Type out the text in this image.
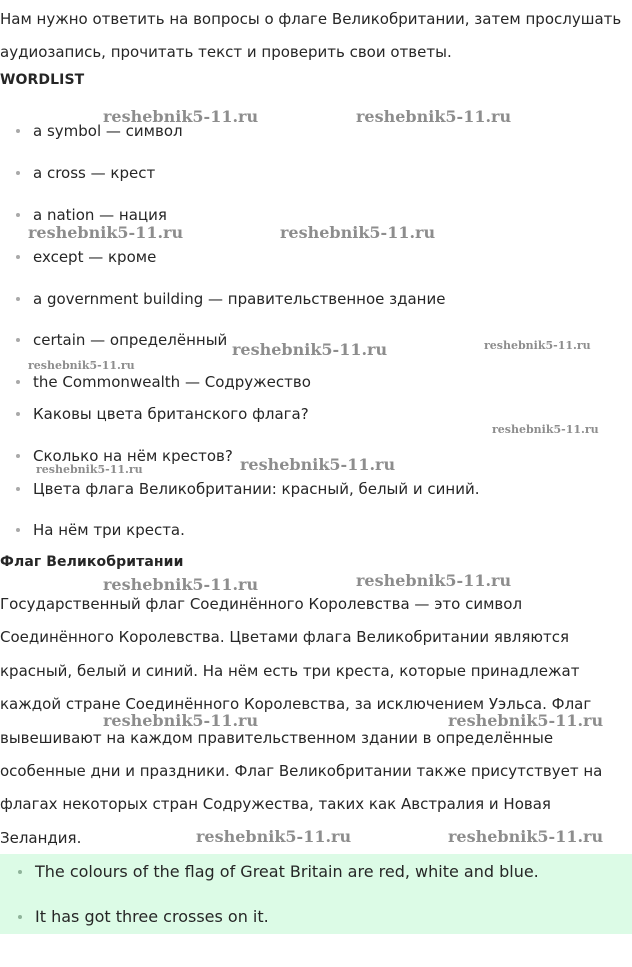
Нам нужно ответить на вопросы о флаге Великобритании, затем прослушать аудиозапись, прочитать текст и проверить свои ответы.

WORDLIST
a symbol — символ
a cross — крест
a nation — нация
except — кроме
a government building — правительственное здание
certain — определённый
the Commonwealth — Содружество
Каковы цвета британского флага?
Сколько на нём крестов?
Цвета флага Великобритании: красный, белый и синий.
На нём три креста.
Флаг Великобритании

Государственный флаг Соединённого Королевства — это символ Соединённого Королевства. Цветами флага Великобритании являются красный, белый и синий. На нём есть три креста, которые принадлежат каждой стране Соединённого Королевства, за исключением Уэльса. Флаг вывешивают на каждом правительственном здании в определённые особенные дни и праздники. Флаг Великобритании также присутствует на флагах некоторых стран Содружества, таких как Австралия и Новая Зеландия.

The colours of the flag of Great Britain are red, white and blue.
It has got three crosses on it.
reshebnik5-11.ru	reshebnik5-11.ru
reshebnik5-11.ru	reshebnik5-11.ru
reshebnik5-11.ru	reshebnik5-11.ru
reshebnik5-11.ru
reshebnik5-11.ru
reshebnik5-11.ru
reshebnik5-11.ru
reshebnik5-11.ru	reshebnik5-11.ru
reshebnik5-11.ru	reshebnik5-11.ru
reshebnik5-11.ru	reshebnik5-11.ru
